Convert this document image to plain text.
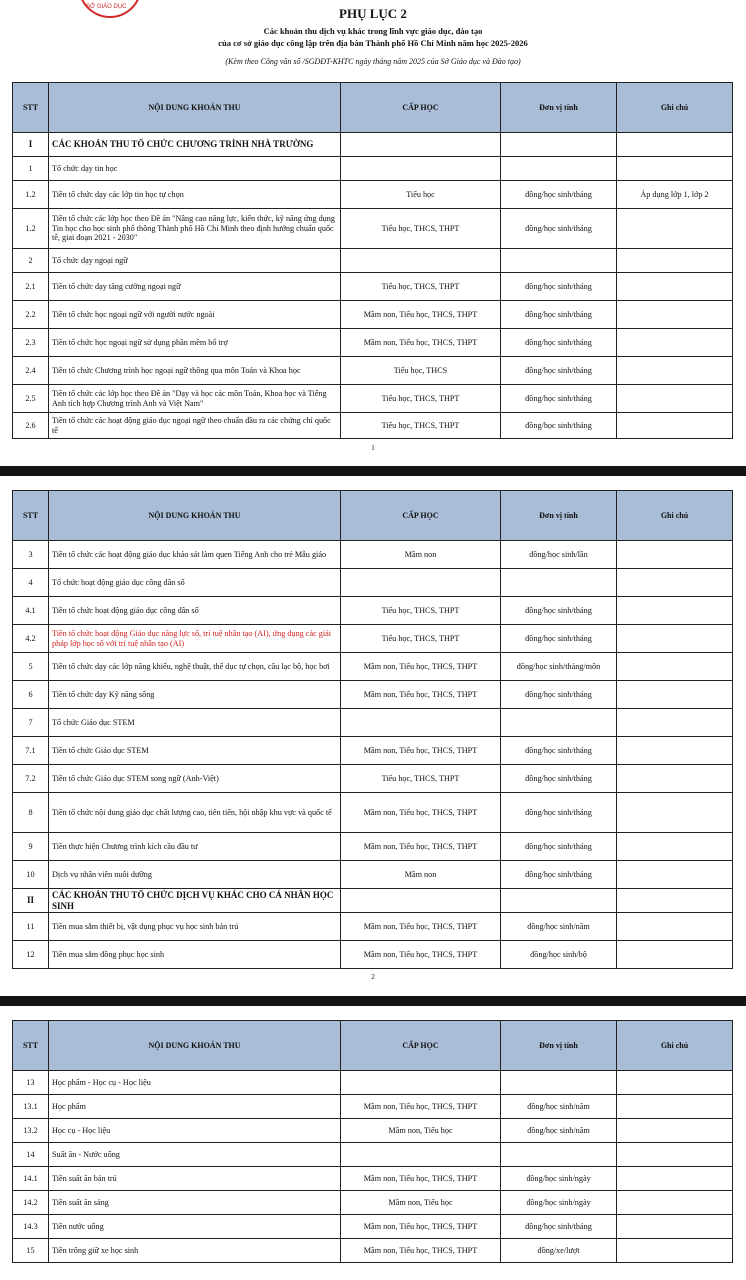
SỞ GIÁO DỤC	PHỤ LỤC 2
Các khoản thu dịch vụ khác trong lĩnh vực giáo dục, đào tạo
của cơ sở giáo dục công lập trên địa bàn Thành phố Hồ Chí Minh năm học 2025-2026
(Kèm theo Công văn số /SGDĐT-KHTC ngày tháng năm 2025 của Sở Giáo dục và Đào tạo)
STT	NỘI DUNG KHOẢN THU	CẤP HỌC	Đơn vị tính	Ghi chú
I	CÁC KHOẢN THU TỔ CHỨC CHƯƠNG TRÌNH NHÀ TRƯỜNG			
1	Tổ chức dạy tin học			
1.2	Tiền tổ chức dạy các lớp tin học tự chọn	Tiểu học	đồng/học sinh/tháng	Áp dụng lớp 1, lớp 2
1.2	Tiền tổ chức các lớp học theo Đề án "Nâng cao năng lực, kiến thức, kỹ năng ứng dụng Tin học cho học sinh phổ thông Thành phố Hồ Chí Minh theo định hướng chuẩn quốc tế, giai đoạn 2021 - 2030"	Tiểu học, THCS, THPT	đồng/học sinh/tháng	
2	Tổ chức dạy ngoại ngữ			
2.1	Tiền tổ chức dạy tăng cường ngoại ngữ	Tiểu học, THCS, THPT	đồng/học sinh/tháng	
2.2	Tiền tổ chức học ngoại ngữ với người nước ngoài	Mầm non, Tiểu học, THCS, THPT	đồng/học sinh/tháng	
2.3	Tiền tổ chức học ngoại ngữ sử dụng phần mềm bổ trợ	Mầm non, Tiểu học, THCS, THPT	đồng/học sinh/tháng	
2.4	Tiền tổ chức Chương trình học ngoại ngữ thông qua môn Toán và Khoa học	Tiểu học, THCS	đồng/học sinh/tháng	
2.5	Tiền tổ chức các lớp học theo Đề án "Dạy và học các môn Toán, Khoa học và Tiếng Anh tích hợp Chương trình Anh và Việt Nam"	Tiểu học, THCS, THPT	đồng/học sinh/tháng	
2.6	Tiền tổ chức các hoạt động giáo dục ngoại ngữ theo chuẩn đầu ra các chứng chỉ quốc tế	Tiểu học, THCS, THPT	đồng/học sinh/tháng	
1
STT	NỘI DUNG KHOẢN THU	CẤP HỌC	Đơn vị tính	Ghi chú
3	Tiền tổ chức các hoạt động giáo dục khảo sát làm quen Tiếng Anh cho trẻ Mẫu giáo	Mầm non	đồng/học sinh/lần	
4	Tổ chức hoạt động giáo dục công dân số			
4.1	Tiền tổ chức hoạt động giáo dục công dân số	Tiểu học, THCS, THPT	đồng/học sinh/tháng	
4.2	Tiền tổ chức hoạt động Giáo dục năng lực số, trí tuệ nhân tạo (AI), ứng dụng các giải pháp lớp học số với trí tuệ nhân tạo (AI)	Tiểu học, THCS, THPT	đồng/học sinh/tháng	
5	Tiền tổ chức dạy các lớp năng khiếu, nghệ thuật, thể dục tự chọn, câu lạc bộ, học bơi	Mầm non, Tiểu học, THCS, THPT	đồng/học sinh/tháng/môn	
6	Tiền tổ chức dạy Kỹ năng sống	Mầm non, Tiểu học, THCS, THPT	đồng/học sinh/tháng	
7	Tổ chức Giáo dục STEM			
7.1	Tiền tổ chức Giáo dục STEM	Mầm non, Tiểu học, THCS, THPT	đồng/học sinh/tháng	
7.2	Tiền tổ chức Giáo dục STEM song ngữ (Anh-Việt)	Tiểu học, THCS, THPT	đồng/học sinh/tháng	
8	Tiền tổ chức nội dung giáo dục chất lượng cao, tiên tiến, hội nhập khu vực và quốc tế	Mầm non, Tiểu học, THCS, THPT	đồng/học sinh/tháng	
9	Tiền thực hiện Chương trình kích cầu đầu tư	Mầm non, Tiểu học, THCS, THPT	đồng/học sinh/tháng	
10	Dịch vụ nhân viên nuôi dưỡng	Mầm non	đồng/học sinh/tháng	
II	CÁC KHOẢN THU TỔ CHỨC DỊCH VỤ KHÁC CHO CÁ NHÂN HỌC SINH			
11	Tiền mua sắm thiết bị, vật dụng phục vụ học sinh bán trú	Mầm non, Tiểu học, THCS, THPT	đồng/học sinh/năm	
12	Tiền mua sắm đồng phục học sinh	Mầm non, Tiểu học, THCS, THPT	đồng/học sinh/bộ	
2
STT	NỘI DUNG KHOẢN THU	CẤP HỌC	Đơn vị tính	Ghi chú
13	Học phẩm - Học cụ - Học liệu			
13.1	Học phẩm	Mầm non, Tiểu học, THCS, THPT	đồng/học sinh/năm	
13.2	Học cụ - Học liệu	Mầm non, Tiểu học	đồng/học sinh/năm	
14	Suất ăn - Nước uống			
14.1	Tiền suất ăn bán trú	Mầm non, Tiểu học, THCS, THPT	đồng/học sinh/ngày	
14.2	Tiền suất ăn sáng	Mầm non, Tiểu học	đồng/học sinh/ngày	
14.3	Tiền nước uống	Mầm non, Tiểu học, THCS, THPT	đồng/học sinh/tháng	
15	Tiền trông giữ xe học sinh	Mầm non, Tiểu học, THCS, THPT	đồng/xe/lượt	
